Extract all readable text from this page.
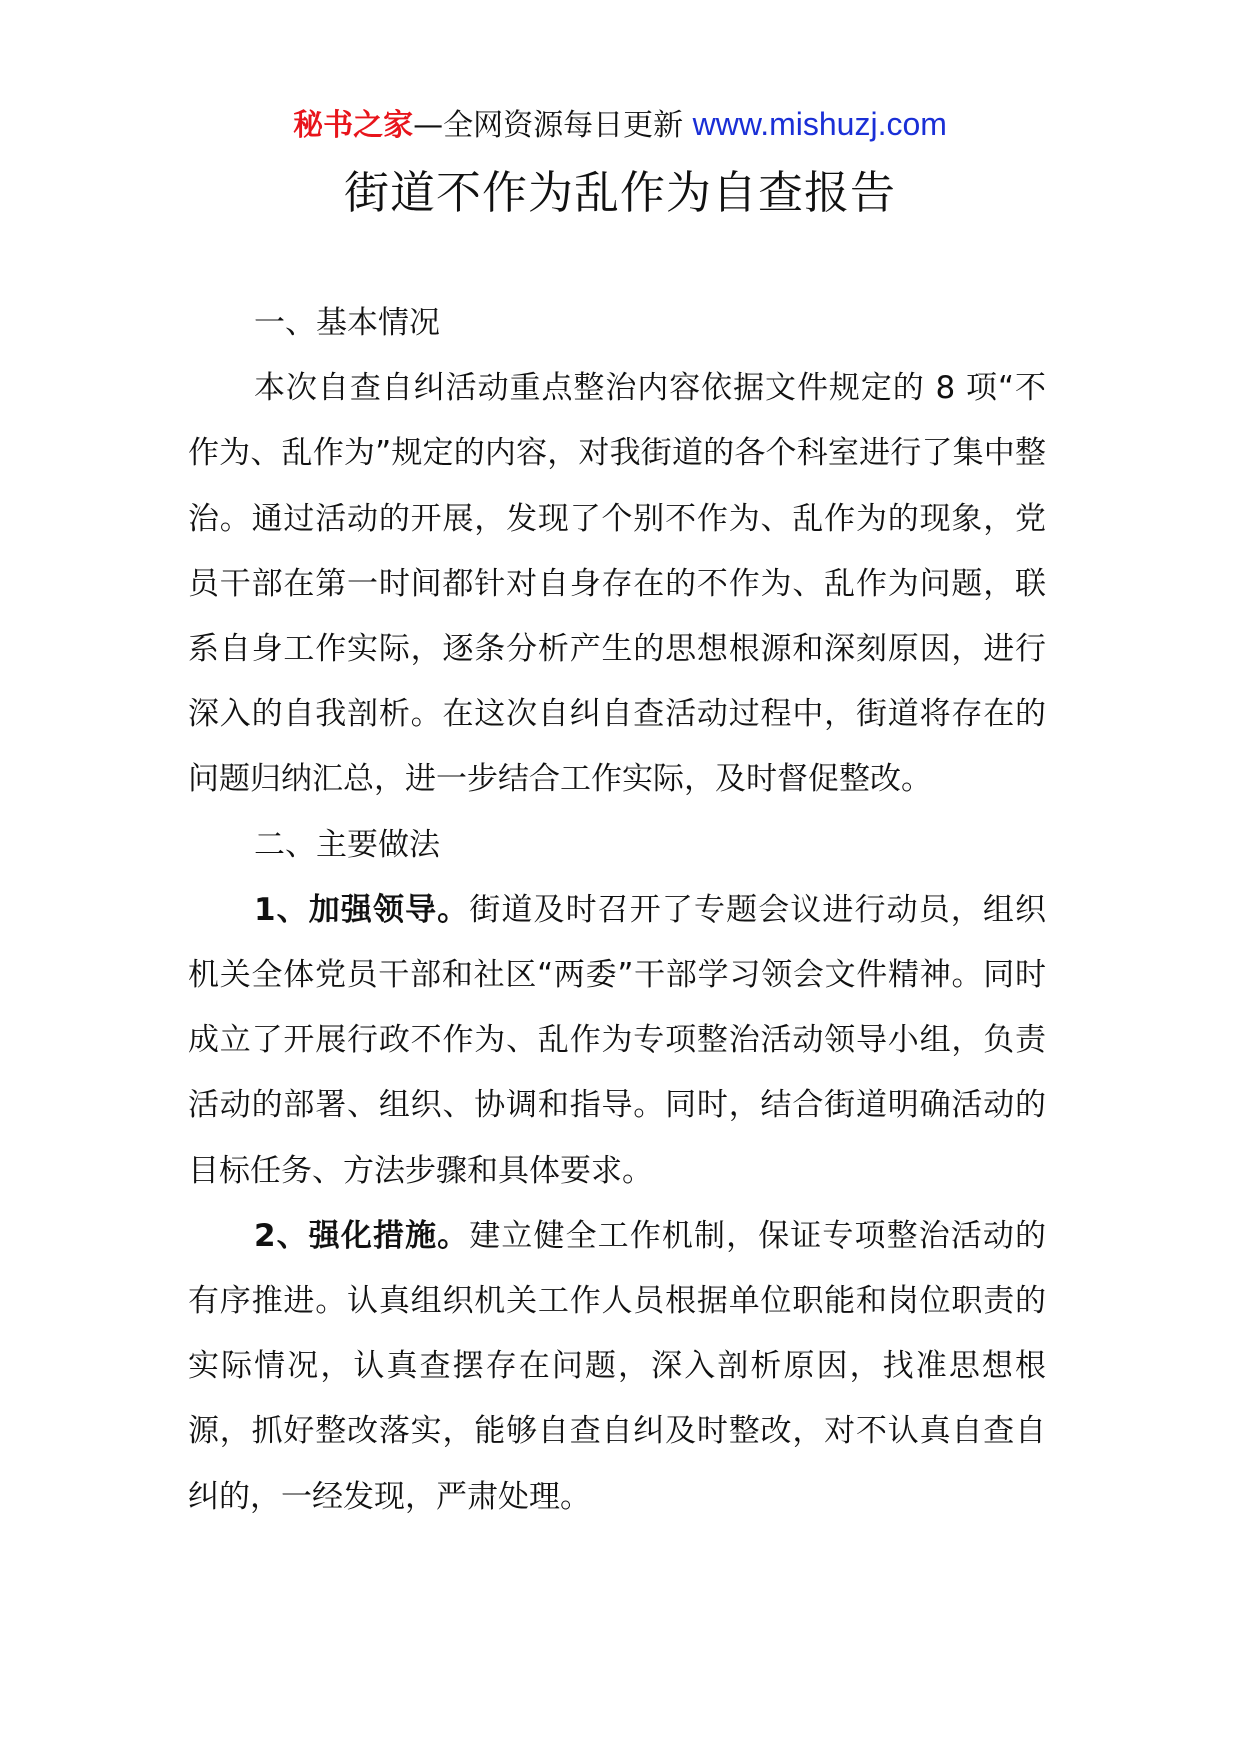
秘书之家—全网资源每日更新 www.mishuzj.com
街道不作为乱作为自查报告

一、基本情况

本次自查自纠活动重点整治内容依据文件规定的 8 项“不作为、乱作为”规定的内容，对我街道的各个科室进行了集中整治。通过活动的开展，发现了个别不作为、乱作为的现象，党员干部在第一时间都针对自身存在的不作为、乱作为问题，联系自身工作实际，逐条分析产生的思想根源和深刻原因，进行深入的自我剖析。在这次自纠自查活动过程中，街道将存在的问题归纳汇总，进一步结合工作实际，及时督促整改。

二、主要做法

1、加强领导。街道及时召开了专题会议进行动员，组织机关全体党员干部和社区“两委”干部学习领会文件精神。同时成立了开展行政不作为、乱作为专项整治活动领导小组，负责活动的部署、组织、协调和指导。同时，结合街道明确活动的目标任务、方法步骤和具体要求。

2、强化措施。建立健全工作机制，保证专项整治活动的有序推进。认真组织机关工作人员根据单位职能和岗位职责的实际情况，认真查摆存在问题，深入剖析原因，找准思想根源，抓好整改落实，能够自查自纠及时整改，对不认真自查自纠的，一经发现，严肃处理。
